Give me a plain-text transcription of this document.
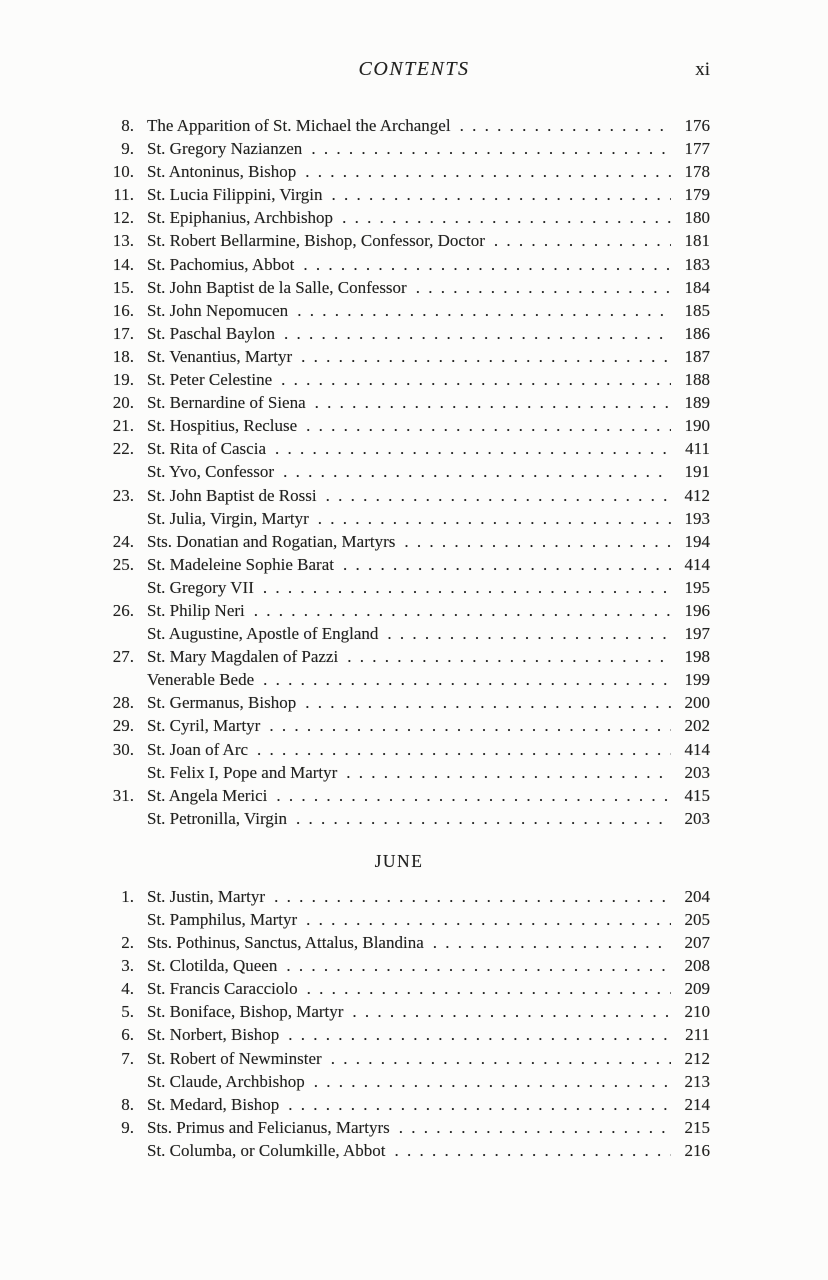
CONTENTS	xi
8. The Apparition of St. Michael the Archangel . . .	176
9. St. Gregory Nazianzen . . .	177
10. St. Antoninus, Bishop . . .	178
11. St. Lucia Filippini, Virgin . . .	179
12. St. Epiphanius, Archbishop . . .	180
13. St. Robert Bellarmine, Bishop, Confessor, Doctor . . .	181
14. St. Pachomius, Abbot . . .	183
15. St. John Baptist de la Salle, Confessor . . .	184
16. St. John Nepomucen . . .	185
17. St. Paschal Baylon . . .	186
18. St. Venantius, Martyr . . .	187
19. St. Peter Celestine . . .	188
20. St. Bernardine of Siena . . .	189
21. St. Hospitius, Recluse . . .	190
22. St. Rita of Cascia . . .	411
St. Yvo, Confessor . . .	191
23. St. John Baptist de Rossi . . .	412
St. Julia, Virgin, Martyr . . .	193
24. Sts. Donatian and Rogatian, Martyrs . . .	194
25. St. Madeleine Sophie Barat . . .	414
St. Gregory VII . . .	195
26. St. Philip Neri . . .	196
St. Augustine, Apostle of England . . .	197
27. St. Mary Magdalen of Pazzi . . .	198
Venerable Bede . . .	199
28. St. Germanus, Bishop . . .	200
29. St. Cyril, Martyr . . .	202
30. St. Joan of Arc . . .	414
St. Felix I, Pope and Martyr . . .	203
31. St. Angela Merici . . .	415
St. Petronilla, Virgin . . .	203
JUNE
1. St. Justin, Martyr . . .	204
St. Pamphilus, Martyr . . .	205
2. Sts. Pothinus, Sanctus, Attalus, Blandina . . .	207
3. St. Clotilda, Queen . . .	208
4. St. Francis Caracciolo . . .	209
5. St. Boniface, Bishop, Martyr . . .	210
6. St. Norbert, Bishop . . .	211
7. St. Robert of Newminster . . .	212
St. Claude, Archbishop . . .	213
8. St. Medard, Bishop . . .	214
9. Sts. Primus and Felicianus, Martyrs . . .	215
St. Columba, or Columkille, Abbot . . .	216
